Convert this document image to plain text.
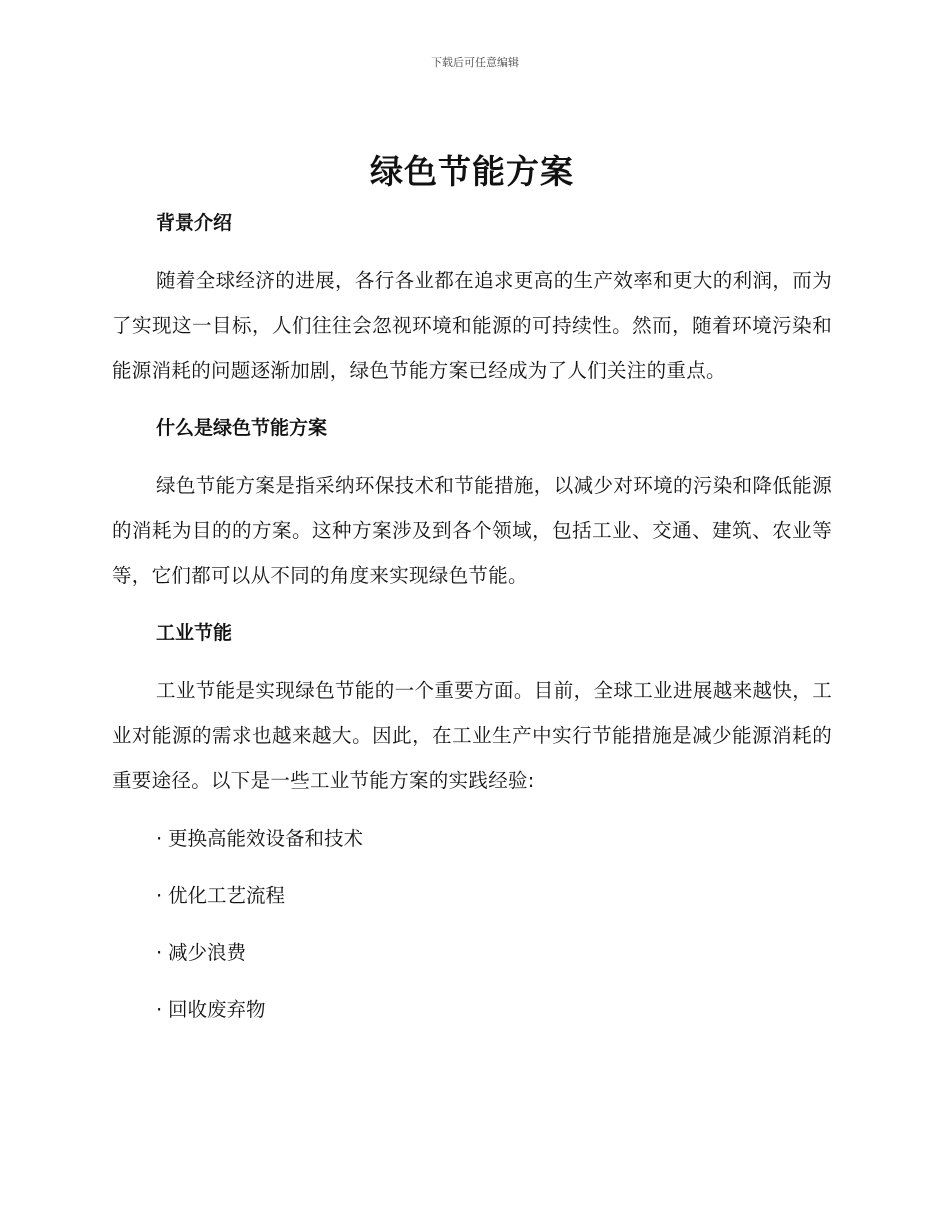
下载后可任意编辑
绿色节能方案
背景介绍

随着全球经济的进展，各行各业都在追求更高的生产效率和更大的利润，而为了实现这一目标，人们往往会忽视环境和能源的可持续性。然而，随着环境污染和能源消耗的问题逐渐加剧，绿色节能方案已经成为了人们关注的重点。

什么是绿色节能方案

绿色节能方案是指采纳环保技术和节能措施，以减少对环境的污染和降低能源的消耗为目的的方案。这种方案涉及到各个领域，包括工业、交通、建筑、农业等等，它们都可以从不同的角度来实现绿色节能。

工业节能

工业节能是实现绿色节能的一个重要方面。目前，全球工业进展越来越快，工业对能源的需求也越来越大。因此，在工业生产中实行节能措施是减少能源消耗的重要途径。以下是一些工业节能方案的实践经验:

· 更换高能效设备和技术
· 优化工艺流程
· 减少浪费
· 回收废弃物
